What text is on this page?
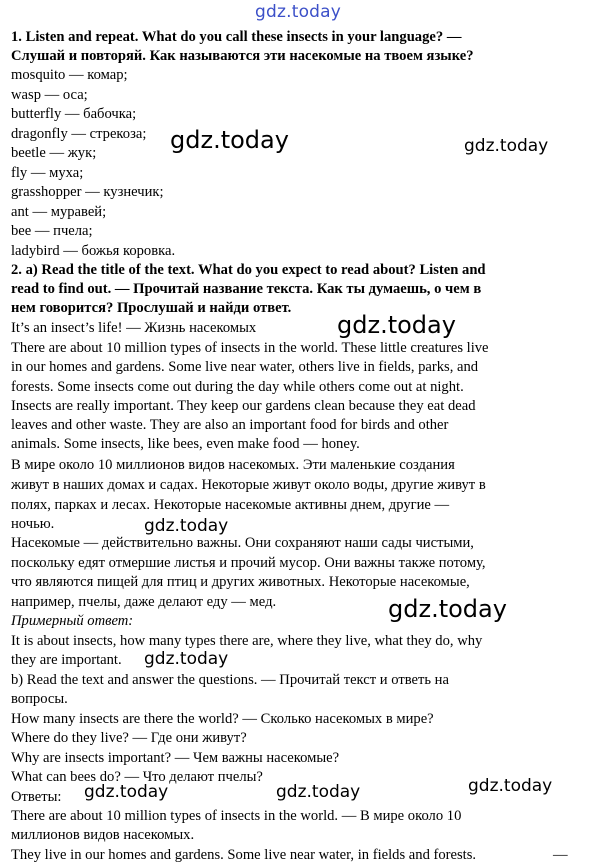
gdz.today

1. Listen and repeat. What do you call these insects in your language? —

Слушай и повторяй. Как называются эти насекомые на твоем языке?

mosquito — комар;

wasp — оса;

butterfly — бабочка;

dragonfly — стрекоза;

beetle — жук;

fly — муха;

grasshopper — кузнечик;

ant — муравей;

bee — пчела;

ladybird — божья коровка.

2. a) Read the title of the text. What do you expect to read about? Listen and

read to find out. — Прочитай название текста. Как ты думаешь, о чем в

нем говорится? Прослушай и найди ответ.

It’s an insect’s life! — Жизнь насекомых

There are about 10 million types of insects in the world. These little creatures live

in our homes and gardens. Some live near water, others live in fields, parks, and

forests. Some insects come out during the day while others come out at night.

Insects are really important. They keep our gardens clean because they eat dead

leaves and other waste. They are also an important food for birds and other

animals. Some insects, like bees, even make food — honey.

В мире около 10 миллионов видов насекомых. Эти маленькие создания

живут в наших домах и садах. Некоторые живут около воды, другие живут в

полях, парках и лесах. Некоторые насекомые активны днем, другие —

ночью.

Насекомые — действительно важны. Они сохраняют наши сады чистыми,

поскольку едят отмершие листья и прочий мусор. Они важны также потому,

что являются пищей для птиц и других животных. Некоторые насекомые,

например, пчелы, даже делают еду — мед.

Примерный ответ:

It is about insects, how many types there are, where they live, what they do, why

they are important.

b) Read the text and answer the questions. — Прочитай текст и ответь на

вопросы.

How many insects are there the world? — Сколько насекомых в мире?

Where do they live? — Где они живут?

Why are insects important? — Чем важны насекомые?

What can bees do? — Что делают пчелы?

Ответы:

There are about 10 million types of insects in the world. — В мире около 10

миллионов видов насекомых.

They live in our homes and gardens. Some live near water, in fields and forests.	—
gdz.today	gdz.today
gdz.today
gdz.today
gdz.today
gdz.today
gdz.today
gdz.today	gdz.today
